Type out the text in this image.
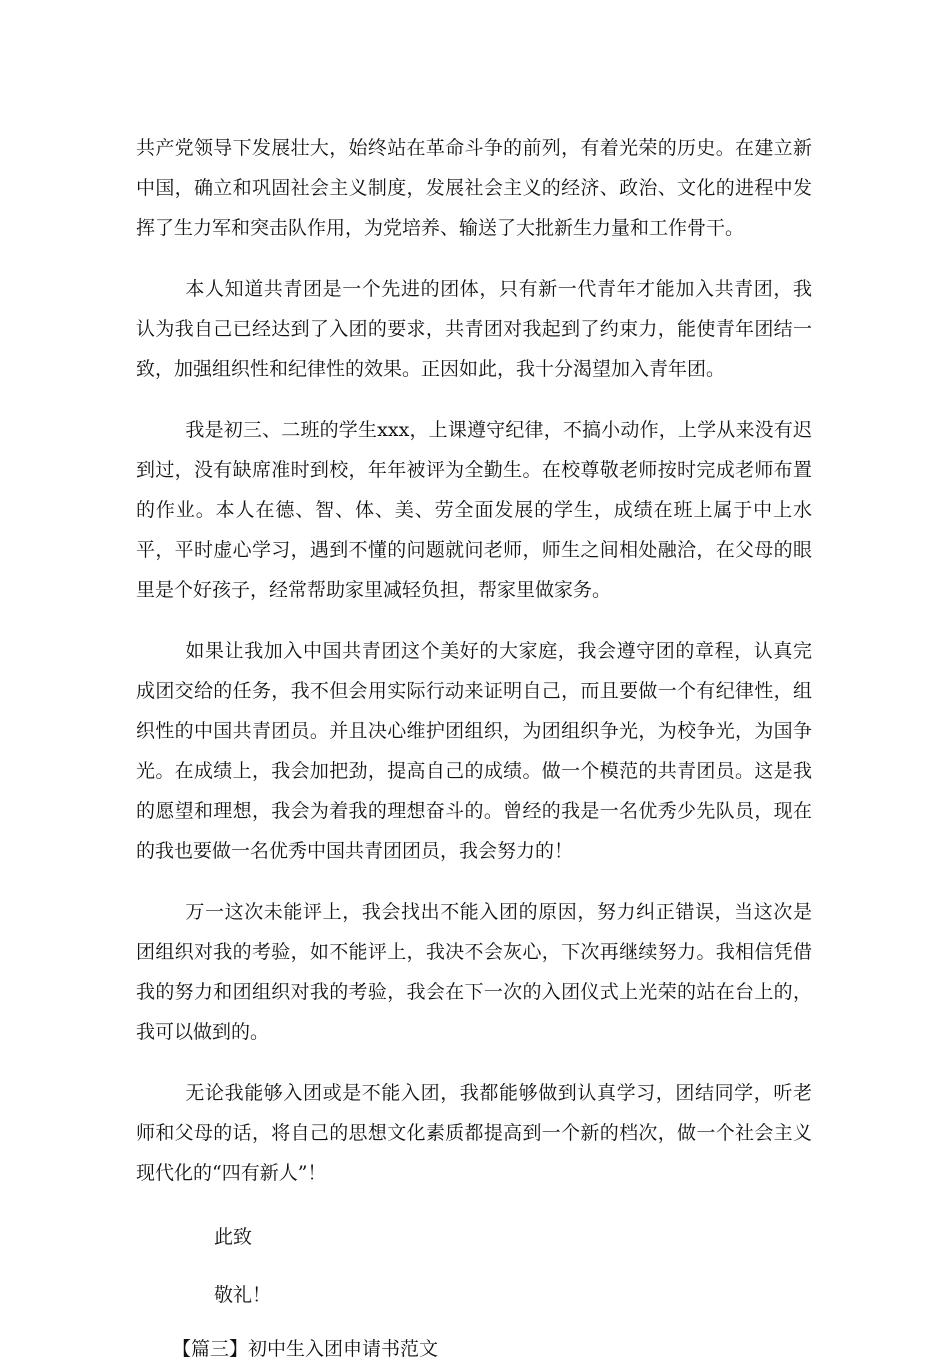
共产党领导下发展壮大，始终站在革命斗争的前列，有着光荣的历史。在建立新中国，确立和巩固社会主义制度，发展社会主义的经济、政治、文化的进程中发挥了生力军和突击队作用，为党培养、输送了大批新生力量和工作骨干。

本人知道共青团是一个先进的团体，只有新一代青年才能加入共青团，我认为我自己已经达到了入团的要求，共青团对我起到了约束力，能使青年团结一致，加强组织性和纪律性的效果。正因如此，我十分渴望加入青年团。

我是初三、二班的学生xxx，上课遵守纪律，不搞小动作，上学从来没有迟到过，没有缺席准时到校，年年被评为全勤生。在校尊敬老师按时完成老师布置的作业。本人在德、智、体、美、劳全面发展的学生，成绩在班上属于中上水平，平时虚心学习，遇到不懂的问题就问老师，师生之间相处融洽，在父母的眼里是个好孩子，经常帮助家里减轻负担，帮家里做家务。

如果让我加入中国共青团这个美好的大家庭，我会遵守团的章程，认真完成团交给的任务，我不但会用实际行动来证明自己，而且要做一个有纪律性，组织性的中国共青团员。并且决心维护团组织，为团组织争光，为校争光，为国争光。在成绩上，我会加把劲，提高自己的成绩。做一个模范的共青团员。这是我的愿望和理想，我会为着我的理想奋斗的。曾经的我是一名优秀少先队员，现在的我也要做一名优秀中国共青团团员，我会努力的！

万一这次未能评上，我会找出不能入团的原因，努力纠正错误，当这次是团组织对我的考验，如不能评上，我决不会灰心，下次再继续努力。我相信凭借我的努力和团组织对我的考验，我会在下一次的入团仪式上光荣的站在台上的，我可以做到的。

无论我能够入团或是不能入团，我都能够做到认真学习，团结同学，听老师和父母的话，将自己的思想文化素质都提高到一个新的档次，做一个社会主义现代化的“四有新人”！

此致

敬礼！

【篇三】初中生入团申请书范文
